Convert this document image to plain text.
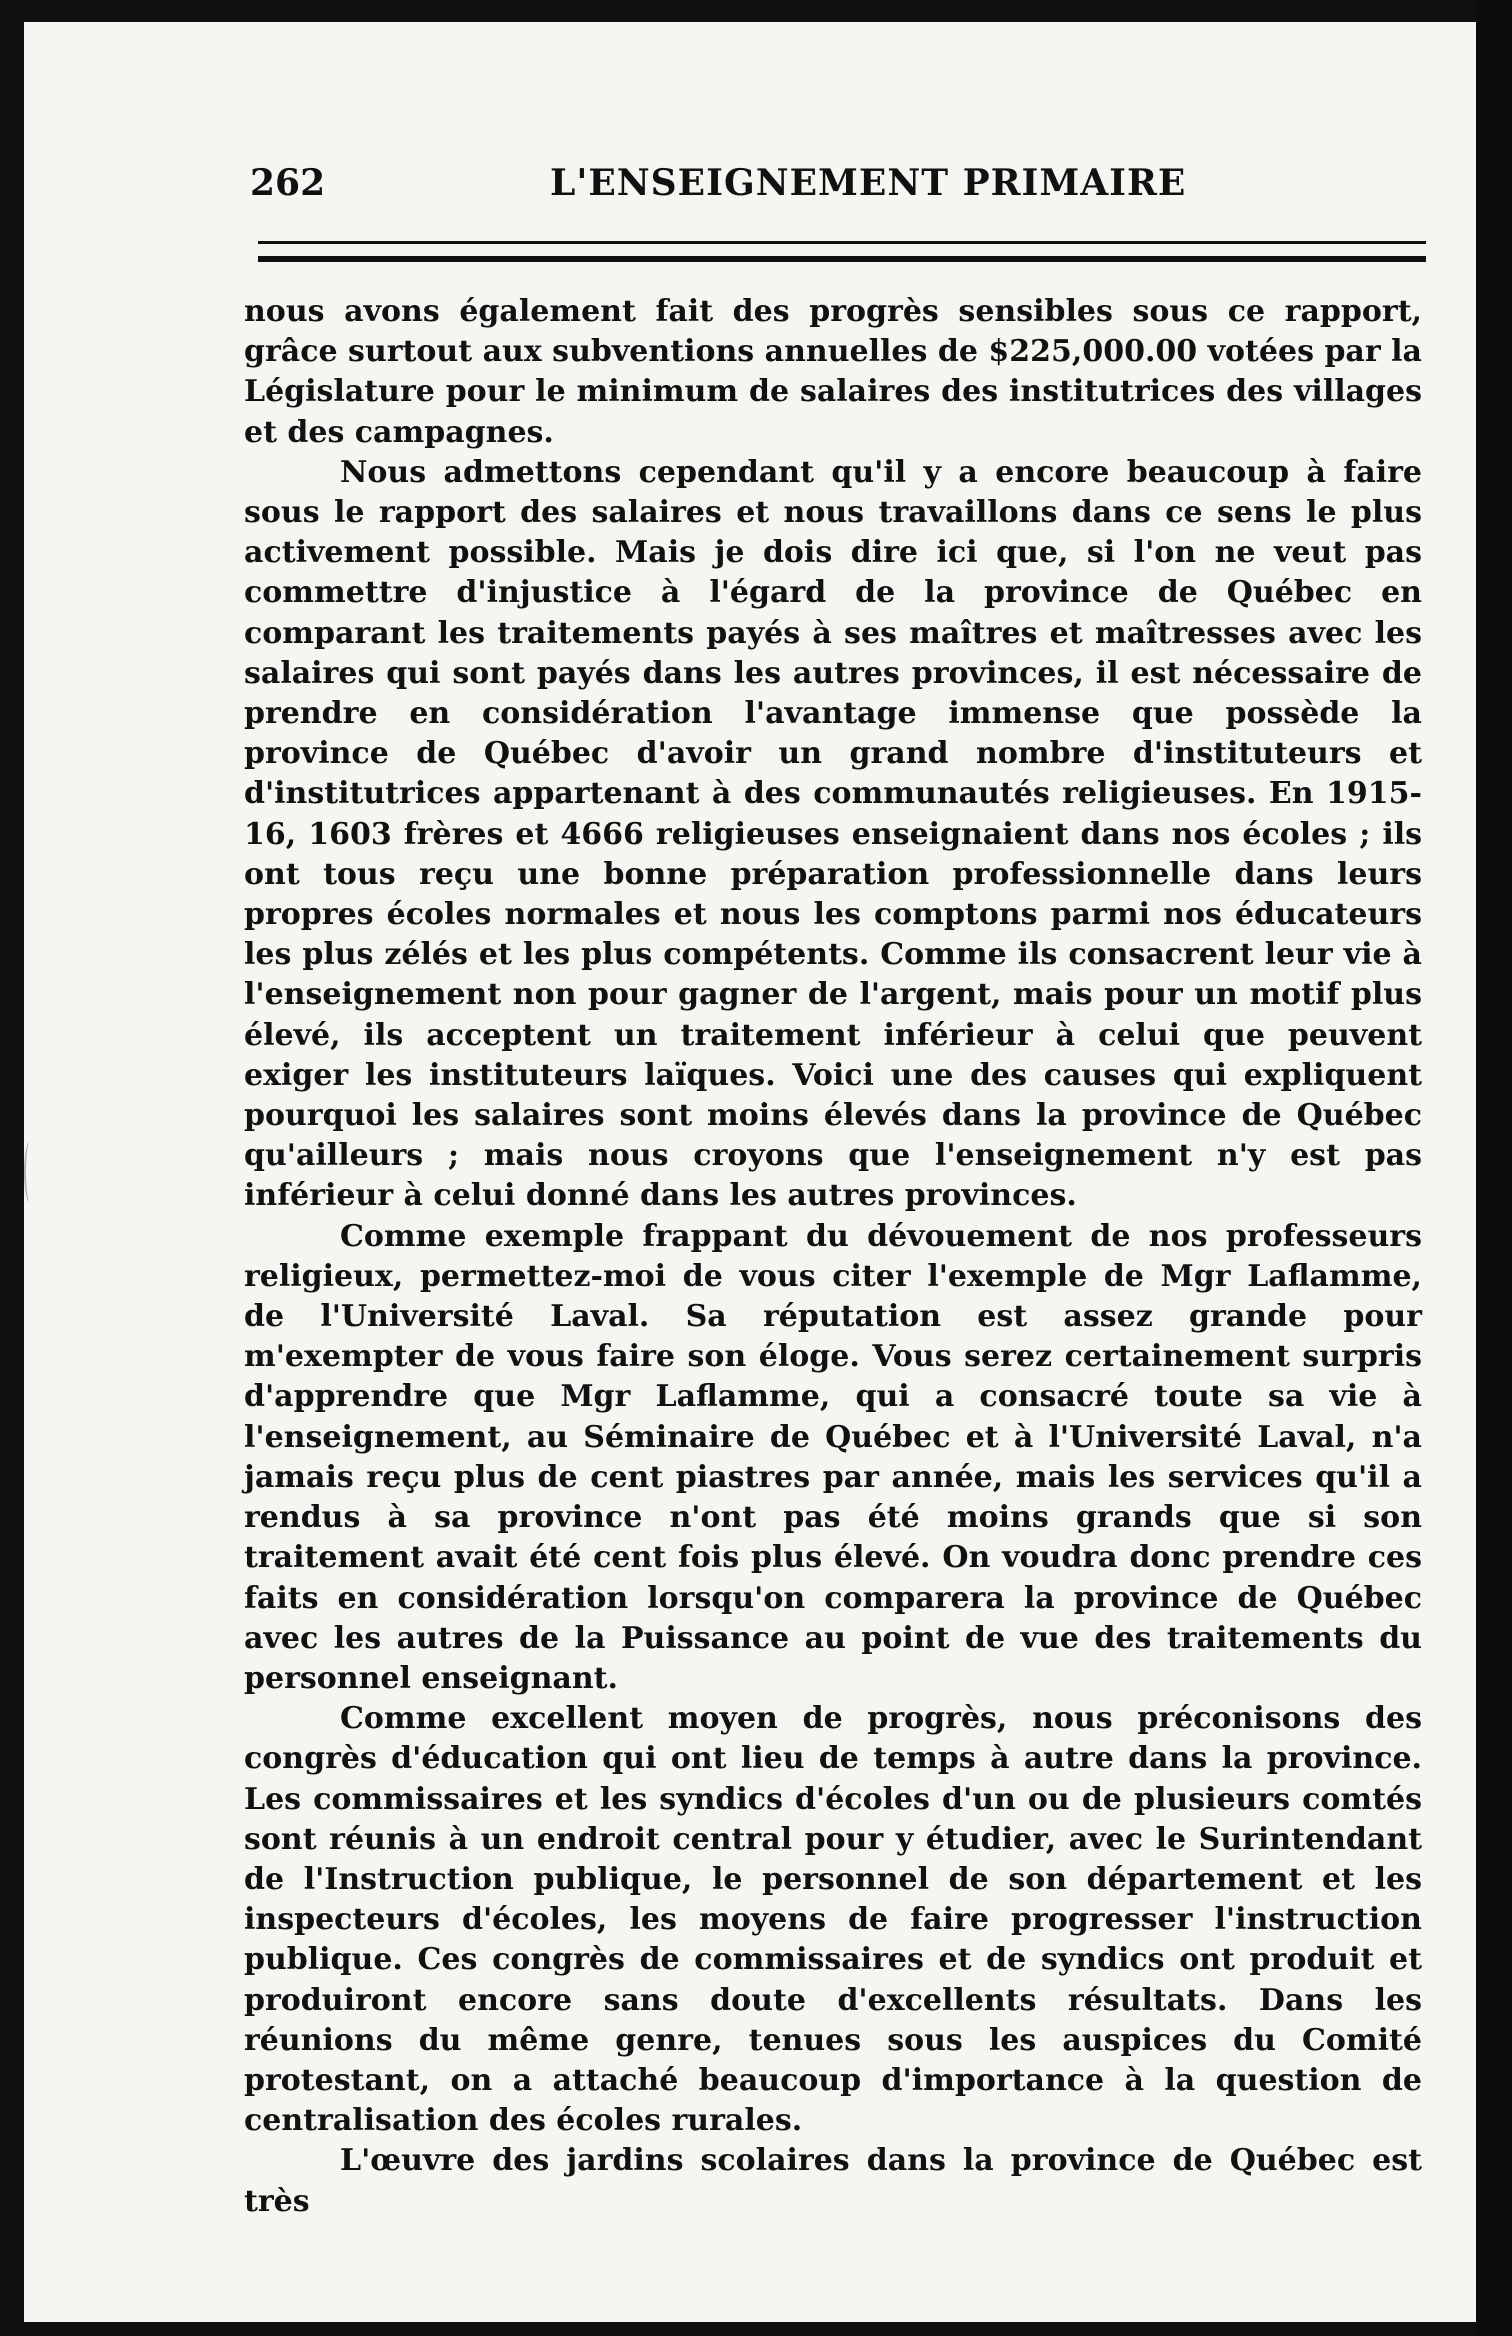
262	L'ENSEIGNEMENT PRIMAIRE

nous avons également fait des progrès sensibles sous ce rapport, grâce surtout aux subventions annuelles de $225,000.00 votées par la Législature pour le minimum de salaires des institutrices des villages et des campagnes.

Nous admettons cependant qu'il y a encore beaucoup à faire sous le rapport des salaires et nous travaillons dans ce sens le plus activement possible. Mais je dois dire ici que, si l'on ne veut pas commettre d'injustice à l'égard de la province de Québec en comparant les traitements payés à ses maîtres et maîtresses avec les salaires qui sont payés dans les autres provinces, il est nécessaire de prendre en considération l'avantage immense que possède la province de Québec d'avoir un grand nombre d'instituteurs et d'institutrices appartenant à des communautés religieuses. En 1915-16, 1603 frères et 4666 religieuses enseignaient dans nos écoles ; ils ont tous reçu une bonne préparation professionnelle dans leurs propres écoles normales et nous les comptons parmi nos éducateurs les plus zélés et les plus compétents. Comme ils consacrent leur vie à l'enseignement non pour gagner de l'argent, mais pour un motif plus élevé, ils acceptent un traitement inférieur à celui que peuvent exiger les instituteurs laïques. Voici une des causes qui expliquent pourquoi les salaires sont moins élevés dans la province de Québec qu'ailleurs ; mais nous croyons que l'enseignement n'y est pas inférieur à celui donné dans les autres provinces.

Comme exemple frappant du dévouement de nos professeurs religieux, permettez-moi de vous citer l'exemple de Mgr Laflamme, de l'Université Laval. Sa réputation est assez grande pour m'exempter de vous faire son éloge. Vous serez certainement surpris d'apprendre que Mgr Laflamme, qui a consacré toute sa vie à l'enseignement, au Séminaire de Québec et à l'Université Laval, n'a jamais reçu plus de cent piastres par année, mais les services qu'il a rendus à sa province n'ont pas été moins grands que si son traitement avait été cent fois plus élevé. On voudra donc prendre ces faits en considération lorsqu'on comparera la province de Québec avec les autres de la Puissance au point de vue des traitements du personnel enseignant.

Comme excellent moyen de progrès, nous préconisons des congrès d'éducation qui ont lieu de temps à autre dans la province. Les commissaires et les syndics d'écoles d'un ou de plusieurs comtés sont réunis à un endroit central pour y étudier, avec le Surintendant de l'Instruction publique, le personnel de son département et les inspecteurs d'écoles, les moyens de faire progresser l'instruction publique. Ces congrès de commissaires et de syndics ont produit et produiront encore sans doute d'excellents résultats. Dans les réunions du même genre, tenues sous les auspices du Comité protestant, on a attaché beaucoup d'importance à la question de centralisation des écoles rurales.

L'œuvre des jardins scolaires dans la province de Québec est très
